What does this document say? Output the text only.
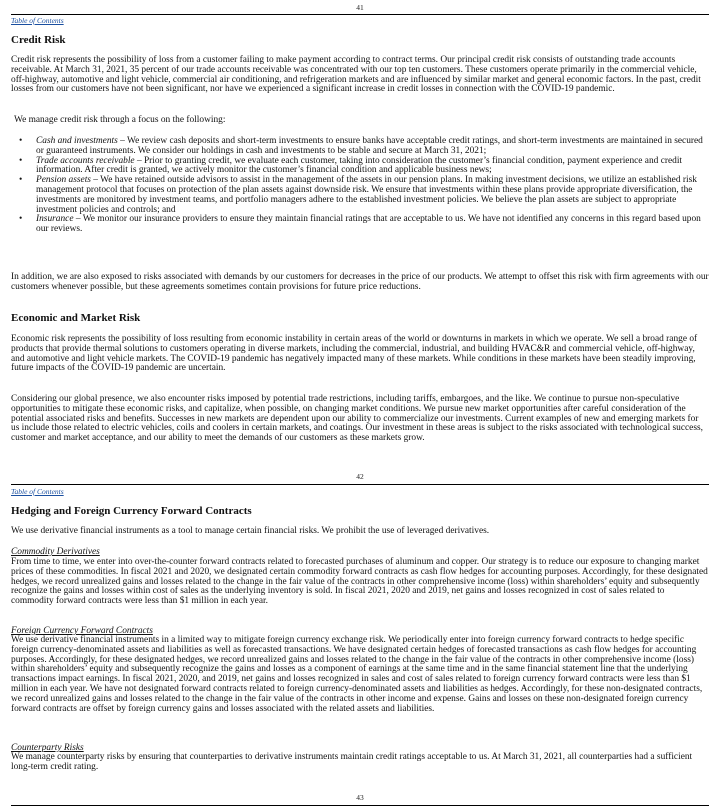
41
Table of Contents
Credit Risk

Credit risk represents the possibility of loss from a customer failing to make payment according to contract terms. Our principal credit risk consists of outstanding trade accounts receivable. At March 31, 2021, 35 percent of our trade accounts receivable was concentrated with our top ten customers. These customers operate primarily in the commercial vehicle, off-highway, automotive and light vehicle, commercial air conditioning, and refrigeration markets and are influenced by similar market and general economic factors. In the past, credit losses from our customers have not been significant, nor have we experienced a significant increase in credit losses in connection with the COVID-19 pandemic.

We manage credit risk through a focus on the following:

• Cash and investments – We review cash deposits and short-term investments to ensure banks have acceptable credit ratings, and short-term investments are maintained in secured or guaranteed instruments. We consider our holdings in cash and investments to be stable and secure at March 31, 2021;
• Trade accounts receivable – Prior to granting credit, we evaluate each customer, taking into consideration the customer’s financial condition, payment experience and credit information. After credit is granted, we actively monitor the customer’s financial condition and applicable business news;
• Pension assets – We have retained outside advisors to assist in the management of the assets in our pension plans. In making investment decisions, we utilize an established risk management protocol that focuses on protection of the plan assets against downside risk. We ensure that investments within these plans provide appropriate diversification, the investments are monitored by investment teams, and portfolio managers adhere to the established investment policies. We believe the plan assets are subject to appropriate investment policies and controls; and
• Insurance – We monitor our insurance providers to ensure they maintain financial ratings that are acceptable to us. We have not identified any concerns in this regard based upon our reviews.

In addition, we are also exposed to risks associated with demands by our customers for decreases in the price of our products. We attempt to offset this risk with firm agreements with our customers whenever possible, but these agreements sometimes contain provisions for future price reductions.

Economic and Market Risk

Economic risk represents the possibility of loss resulting from economic instability in certain areas of the world or downturns in markets in which we operate. We sell a broad range of products that provide thermal solutions to customers operating in diverse markets, including the commercial, industrial, and building HVAC&R and commercial vehicle, off-highway, and automotive and light vehicle markets. The COVID-19 pandemic has negatively impacted many of these markets. While conditions in these markets have been steadily improving, future impacts of the COVID-19 pandemic are uncertain.

Considering our global presence, we also encounter risks imposed by potential trade restrictions, including tariffs, embargoes, and the like. We continue to pursue non-speculative opportunities to mitigate these economic risks, and capitalize, when possible, on changing market conditions. We pursue new market opportunities after careful consideration of the potential associated risks and benefits. Successes in new markets are dependent upon our ability to commercialize our investments. Current examples of new and emerging markets for us include those related to electric vehicles, coils and coolers in certain markets, and coatings. Our investment in these areas is subject to the risks associated with technological success, customer and market acceptance, and our ability to meet the demands of our customers as these markets grow.

42
Table of Contents
Hedging and Foreign Currency Forward Contracts

We use derivative financial instruments as a tool to manage certain financial risks. We prohibit the use of leveraged derivatives.

Commodity Derivatives

From time to time, we enter into over-the-counter forward contracts related to forecasted purchases of aluminum and copper. Our strategy is to reduce our exposure to changing market prices of these commodities. In fiscal 2021 and 2020, we designated certain commodity forward contracts as cash flow hedges for accounting purposes. Accordingly, for these designated hedges, we record unrealized gains and losses related to the change in the fair value of the contracts in other comprehensive income (loss) within shareholders’ equity and subsequently recognize the gains and losses within cost of sales as the underlying inventory is sold. In fiscal 2021, 2020 and 2019, net gains and losses recognized in cost of sales related to commodity forward contracts were less than $1 million in each year.

Foreign Currency Forward Contracts

We use derivative financial instruments in a limited way to mitigate foreign currency exchange risk. We periodically enter into foreign currency forward contracts to hedge specific foreign currency-denominated assets and liabilities as well as forecasted transactions. We have designated certain hedges of forecasted transactions as cash flow hedges for accounting purposes. Accordingly, for these designated hedges, we record unrealized gains and losses related to the change in the fair value of the contracts in other comprehensive income (loss) within shareholders’ equity and subsequently recognize the gains and losses as a component of earnings at the same time and in the same financial statement line that the underlying transactions impact earnings. In fiscal 2021, 2020, and 2019, net gains and losses recognized in sales and cost of sales related to foreign currency forward contracts were less than $1 million in each year. We have not designated forward contracts related to foreign currency-denominated assets and liabilities as hedges. Accordingly, for these non-designated contracts, we record unrealized gains and losses related to the change in the fair value of the contracts in other income and expense. Gains and losses on these non-designated foreign currency forward contracts are offset by foreign currency gains and losses associated with the related assets and liabilities.

Counterparty Risks

We manage counterparty risks by ensuring that counterparties to derivative instruments maintain credit ratings acceptable to us. At March 31, 2021, all counterparties had a sufficient long-term credit rating.

43
